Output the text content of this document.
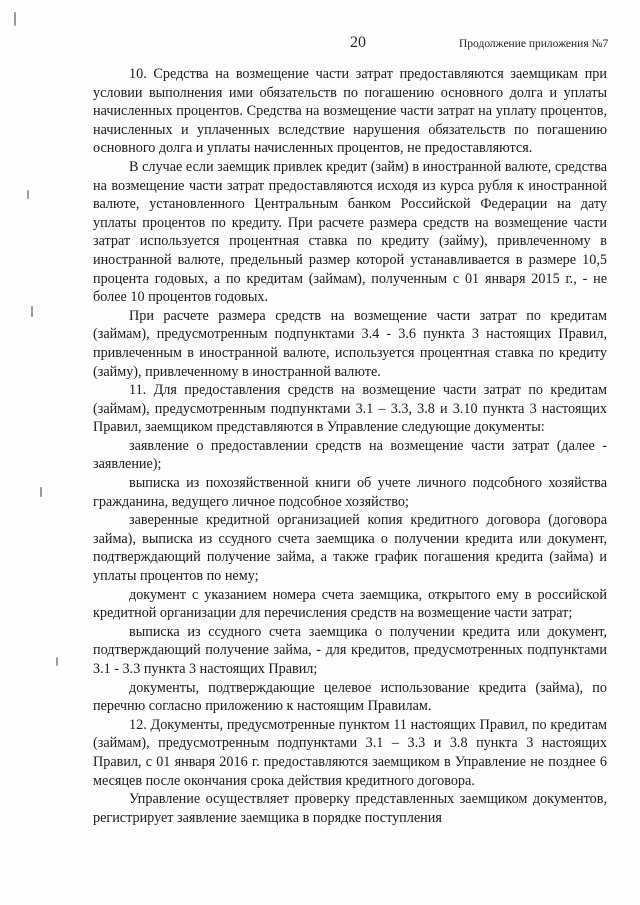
20	Продолжение приложения №7

10. Средства на возмещение части затрат предоставляются заемщикам при условии выполнения ими обязательств по погашению основного долга и уплаты начисленных процентов. Средства на возмещение части затрат на уплату процентов, начисленных и уплаченных вследствие нарушения обязательств по погашению основного долга и уплаты начисленных процентов, не предоставляются.

В случае если заемщик привлек кредит (займ) в иностранной валюте, средства на возмещение части затрат предоставляются исходя из курса рубля к иностранной валюте, установленного Центральным банком Российской Федерации на дату уплаты процентов по кредиту. При расчете размера средств на возмещение части затрат используется процентная ставка по кредиту (займу), привлеченному в иностранной валюте, предельный размер которой устанавливается в размере 10,5 процента годовых, а по кредитам (займам), полученным с 01 января 2015 г., - не более 10 процентов годовых.

При расчете размера средств на возмещение части затрат по кредитам (займам), предусмотренным подпунктами 3.4 - 3.6 пункта 3 настоящих Правил, привлеченным в иностранной валюте, используется процентная ставка по кредиту (займу), привлеченному в иностранной валюте.

11. Для предоставления средств на возмещение части затрат по кредитам (займам), предусмотренным подпунктами 3.1 – 3.3, 3.8 и 3.10 пункта 3 настоящих Правил, заемщиком представляются в Управление следующие документы:

заявление о предоставлении средств на возмещение части затрат (далее - заявление);

выписка из похозяйственной книги об учете личного подсобного хозяйства гражданина, ведущего личное подсобное хозяйство;

заверенные кредитной организацией копия кредитного договора (договора займа), выписка из ссудного счета заемщика о получении кредита или документ, подтверждающий получение займа, а также график погашения кредита (займа) и уплаты процентов по нему;

документ с указанием номера счета заемщика, открытого ему в российской кредитной организации для перечисления средств на возмещение части затрат;

выписка из ссудного счета заемщика о получении кредита или документ, подтверждающий получение займа, - для кредитов, предусмотренных подпунктами 3.1 - 3.3 пункта 3 настоящих Правил;

документы, подтверждающие целевое использование кредита (займа), по перечню согласно приложению к настоящим Правилам.

12. Документы, предусмотренные пунктом 11 настоящих Правил, по кредитам (займам), предусмотренным подпунктами 3.1 – 3.3 и 3.8 пункта 3 настоящих Правил, с 01 января 2016 г. предоставляются заемщиком в Управление не позднее 6 месяцев после окончания срока действия кредитного договора.

Управление осуществляет проверку представленных заемщиком документов, регистрирует заявление заемщика в порядке поступления
